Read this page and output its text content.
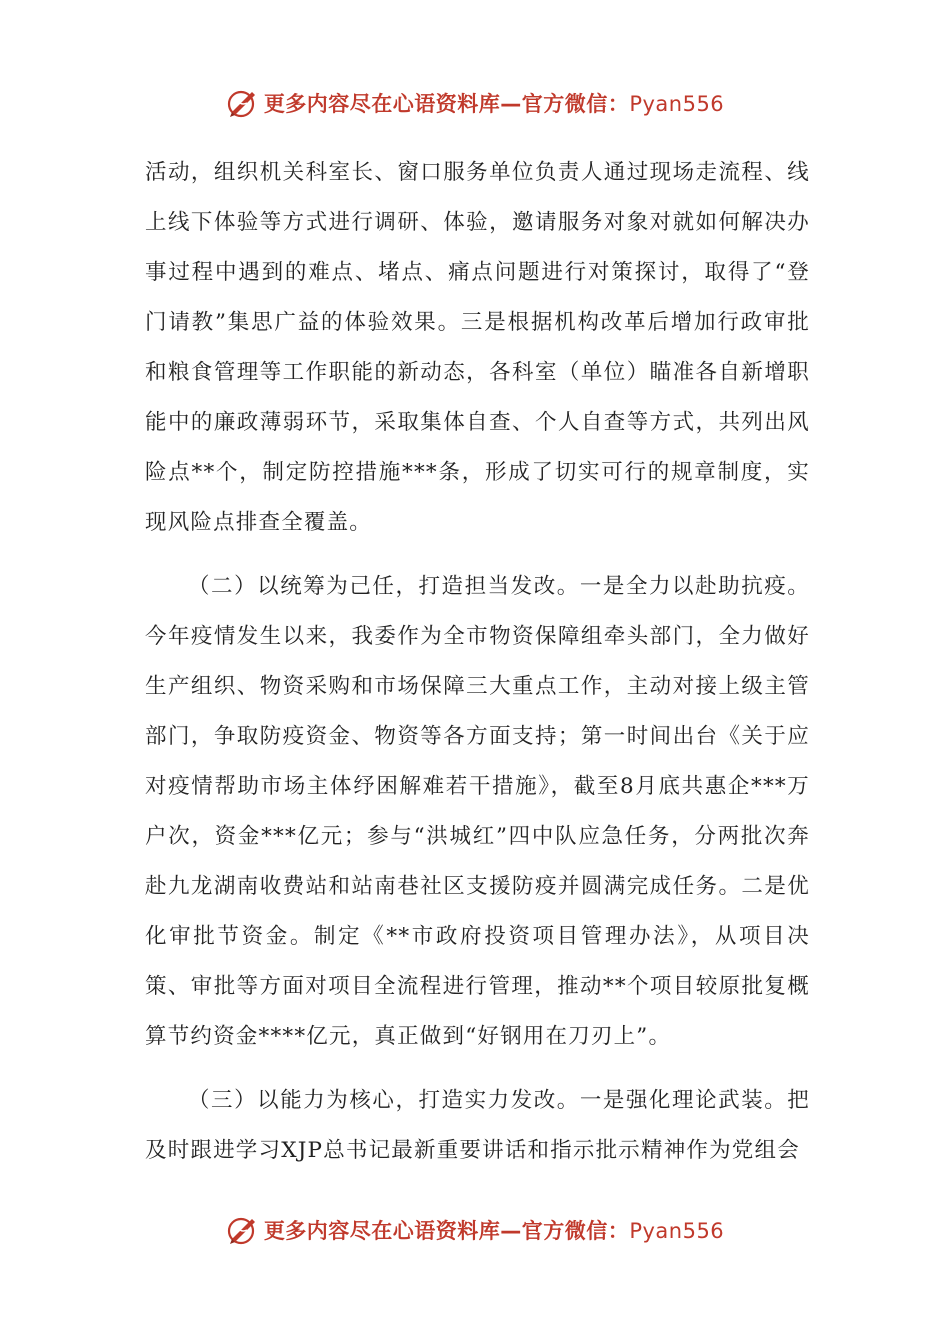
更多内容尽在心语资料库—官方微信：Pyan556

活动，组织机关科室长、窗口服务单位负责人通过现场走流程、线上线下体验等方式进行调研、体验，邀请服务对象对就如何解决办事过程中遇到的难点、堵点、痛点问题进行对策探讨，取得了“登门请教”集思广益的体验效果。三是根据机构改革后增加行政审批和粮食管理等工作职能的新动态，各科室（单位）瞄准各自新增职能中的廉政薄弱环节，采取集体自查、个人自查等方式，共列出风险点**个，制定防控措施***条，形成了切实可行的规章制度，实现风险点排查全覆盖。

（二）以统筹为己任，打造担当发改。一是全力以赴助抗疫。今年疫情发生以来，我委作为全市物资保障组牵头部门，全力做好生产组织、物资采购和市场保障三大重点工作，主动对接上级主管部门，争取防疫资金、物资等各方面支持；第一时间出台《关于应对疫情帮助市场主体纾困解难若干措施》，截至8月底共惠企***万户次，资金***亿元；参与“洪城红”四中队应急任务，分两批次奔赴九龙湖南收费站和站南巷社区支援防疫并圆满完成任务。二是优化审批节资金。制定《**市政府投资项目管理办法》，从项目决策、审批等方面对项目全流程进行管理，推动**个项目较原批复概算节约资金****亿元，真正做到“好钢用在刀刃上”。

（三）以能力为核心，打造实力发改。一是强化理论武装。把及时跟进学习XJP总书记最新重要讲话和指示批示精神作为党组会

更多内容尽在心语资料库—官方微信：Pyan556
